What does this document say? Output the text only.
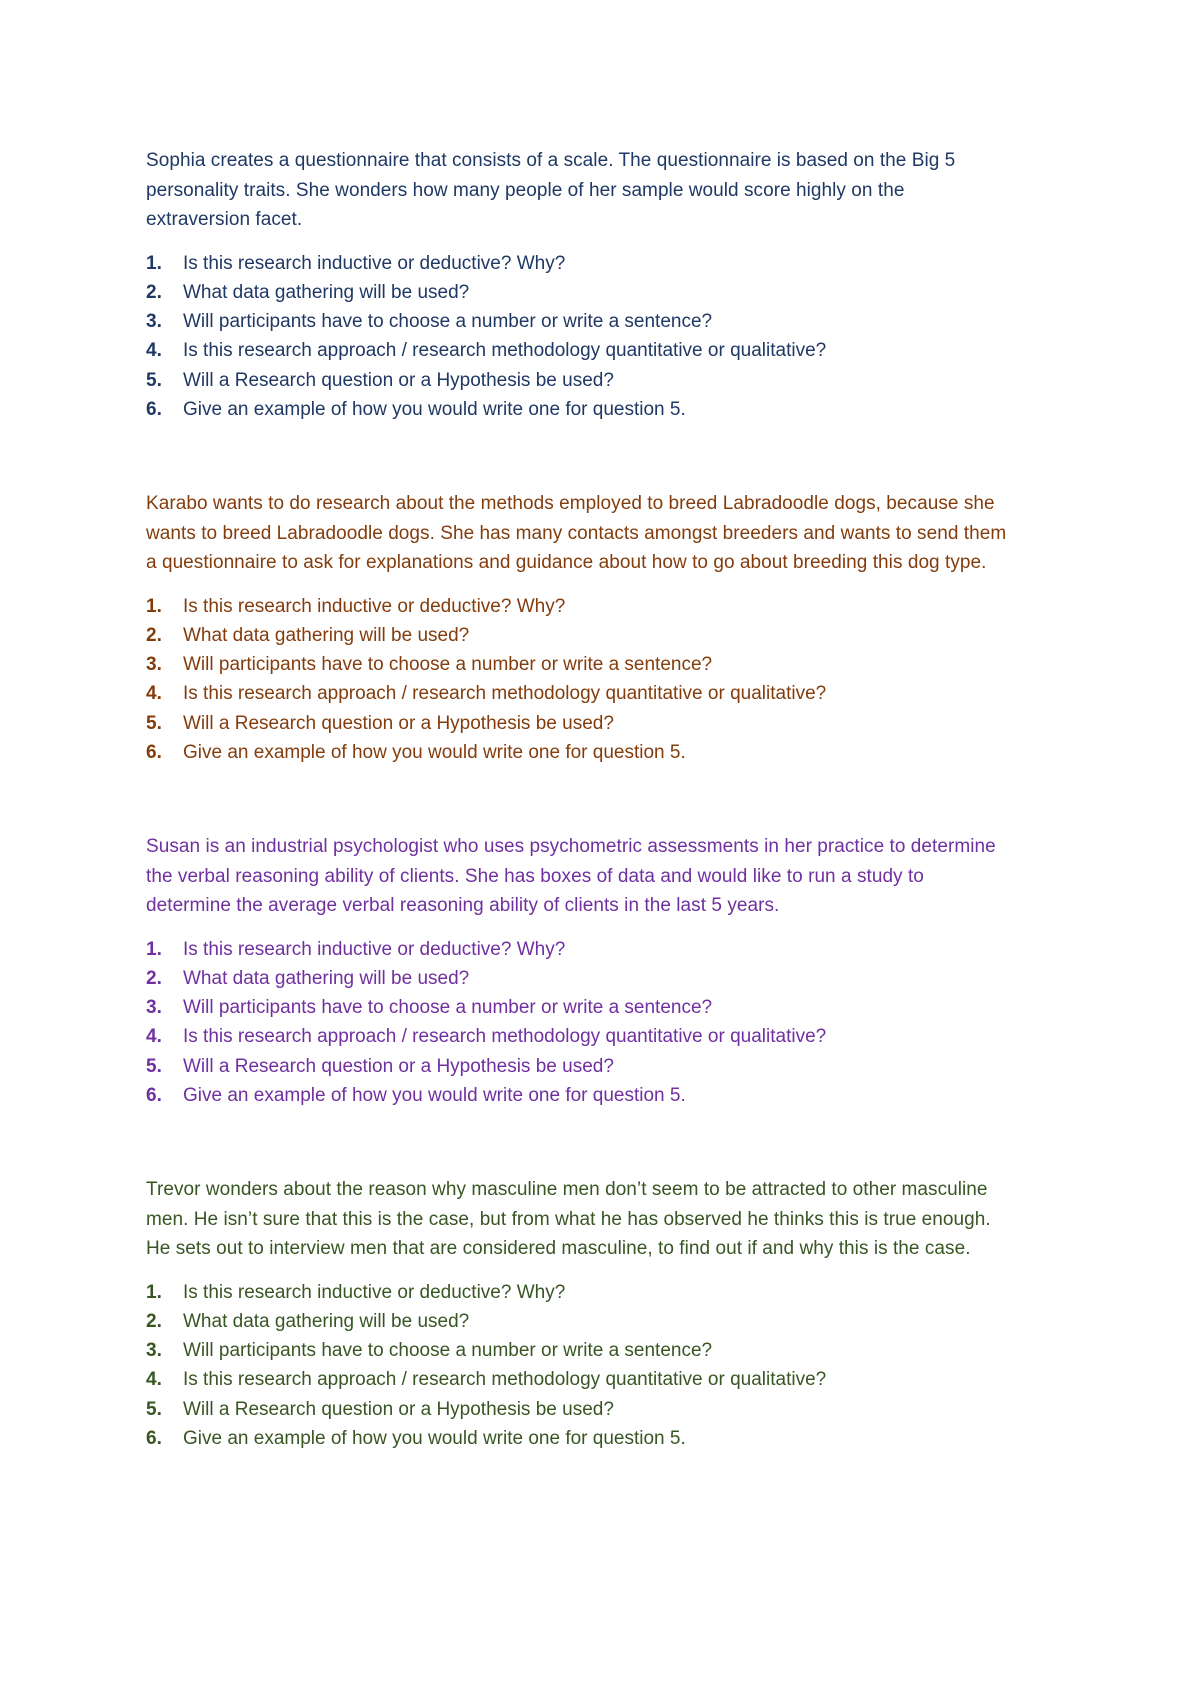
Sophia creates a questionnaire that consists of a scale. The questionnaire is based on the Big 5
personality traits. She wonders how many people of her sample would score highly on the
extraversion facet.

1.	Is this research inductive or deductive? Why?
2.	What data gathering will be used?
3.	Will participants have to choose a number or write a sentence?
4.	Is this research approach / research methodology quantitative or qualitative?
5.	Will a Research question or a Hypothesis be used?
6.	Give an example of how you would write one for question 5.

Karabo wants to do research about the methods employed to breed Labradoodle dogs, because she
wants to breed Labradoodle dogs. She has many contacts amongst breeders and wants to send them
a questionnaire to ask for explanations and guidance about how to go about breeding this dog type.

1.	Is this research inductive or deductive? Why?
2.	What data gathering will be used?
3.	Will participants have to choose a number or write a sentence?
4.	Is this research approach / research methodology quantitative or qualitative?
5.	Will a Research question or a Hypothesis be used?
6.	Give an example of how you would write one for question 5.

Susan is an industrial psychologist who uses psychometric assessments in her practice to determine
the verbal reasoning ability of clients. She has boxes of data and would like to run a study to
determine the average verbal reasoning ability of clients in the last 5 years.

1.	Is this research inductive or deductive? Why?
2.	What data gathering will be used?
3.	Will participants have to choose a number or write a sentence?
4.	Is this research approach / research methodology quantitative or qualitative?
5.	Will a Research question or a Hypothesis be used?
6.	Give an example of how you would write one for question 5.

Trevor wonders about the reason why masculine men don’t seem to be attracted to other masculine
men. He isn’t sure that this is the case, but from what he has observed he thinks this is true enough.
He sets out to interview men that are considered masculine, to find out if and why this is the case.

1.	Is this research inductive or deductive? Why?
2.	What data gathering will be used?
3.	Will participants have to choose a number or write a sentence?
4.	Is this research approach / research methodology quantitative or qualitative?
5.	Will a Research question or a Hypothesis be used?
6.	Give an example of how you would write one for question 5.
